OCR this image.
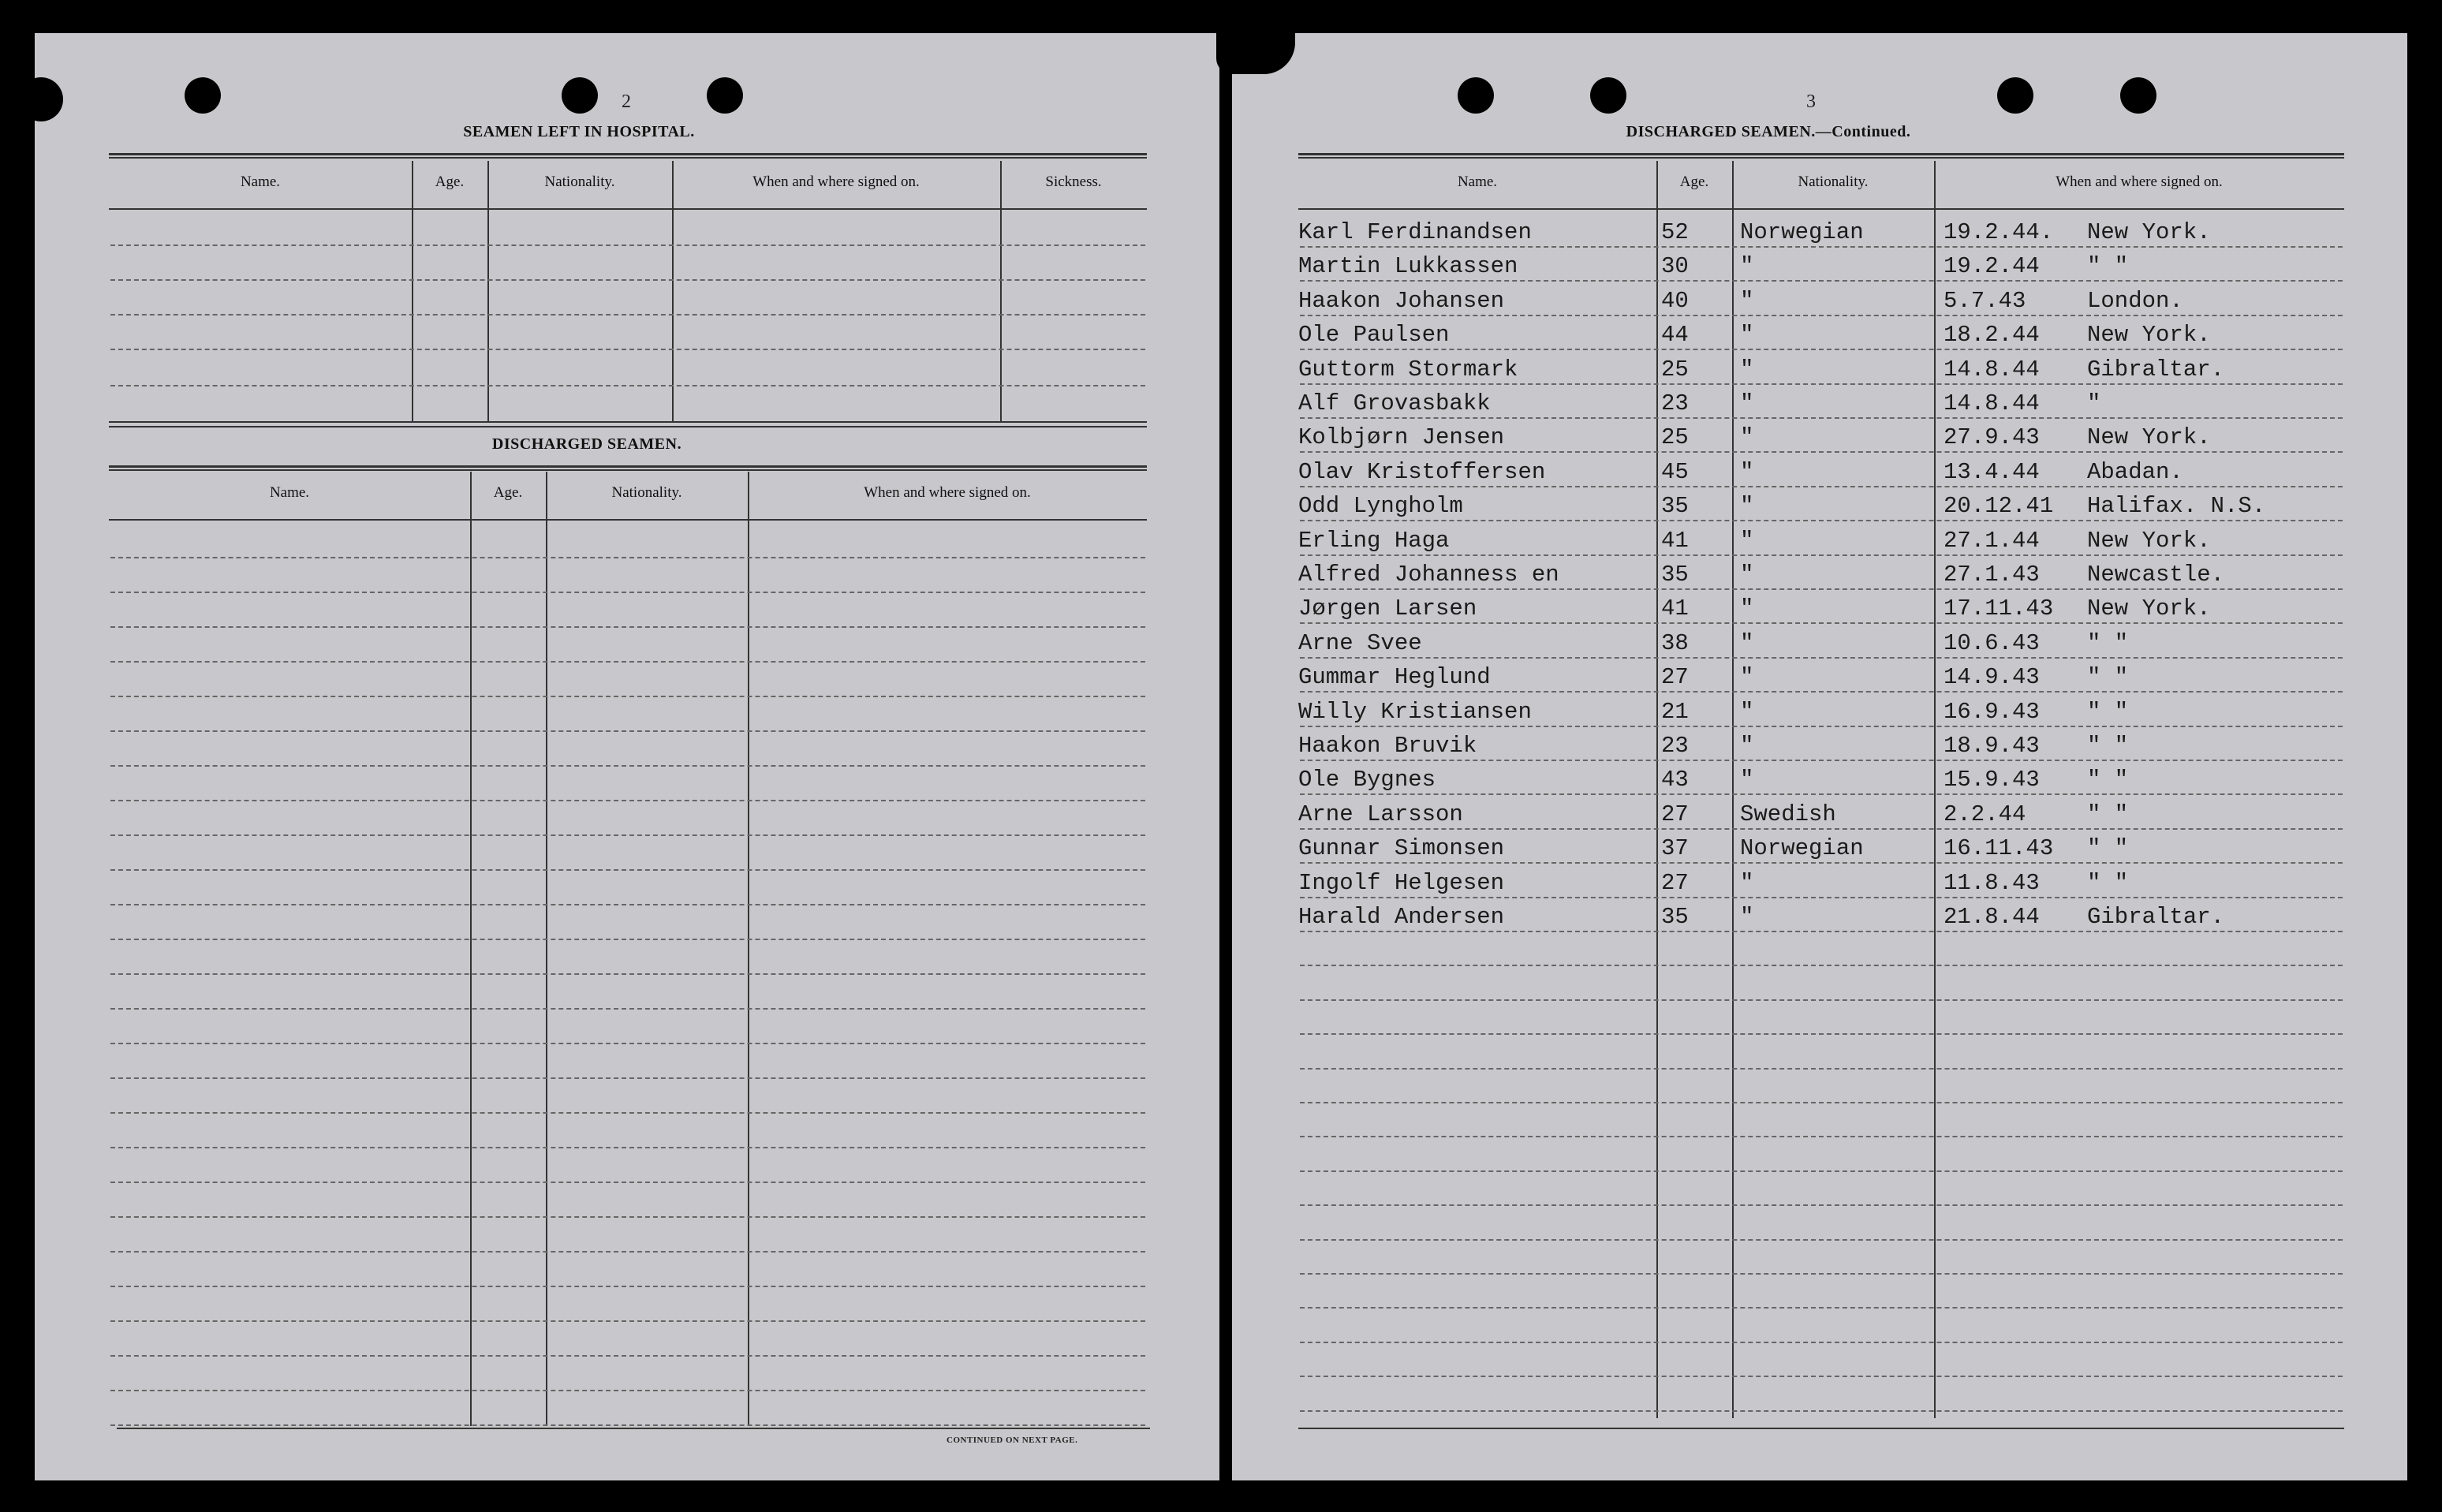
2
SEAMEN LEFT IN HOSPITAL.
Name.	Age.	Nationality.	When and where signed on.	Sickness.
DISCHARGED SEAMEN.
Name.	Age.	Nationality.	When and where signed on.
CONTINUED ON NEXT PAGE.
3
DISCHARGED SEAMEN.—Continued.
Name.	Age.	Nationality.	When and where signed on.
Karl Ferdinandsen	52 Norwegian	19.2.44. New York.
Martin Lukkassen	30 "	19.2.44 " "
Haakon Johansen	40 "	5.7.43	London.
Ole Paulsen	44 "	18.2.44 New York.
Guttorm Stormark	25 "	14.8.44 Gibraltar.
Alf Grovasbakk	23 "	14.8.44 "
Kolbjørn Jensen	25 "	27.9.43 New York.
Olav Kristoffersen	45 "	13.4.44 Abadan.
Odd Lyngholm	35 "	20.12.41 Halifax. N.S.
Erling Haga	41 "	27.1.44 New York.
Alfred Johanness en	35 "	27.1.43 Newcastle.
Jørgen Larsen	41 "	17.11.43 New York.
Arne Svee	38 "	10.6.43 " "
Gummar Heglund	27 "	14.9.43 " "
Willy Kristiansen	21 "	16.9.43 " "
Haakon Bruvik	23 "	18.9.43 " "
Ole Bygnes	43 "	15.9.43 " "
Arne Larsson	27 Swedish	2.2.44	" "
Gunnar Simonsen	37 Norwegian	16.11.43 " "
Ingolf Helgesen	27 "	11.8.43 " "
Harald Andersen	35 "	21.8.44 Gibraltar.
